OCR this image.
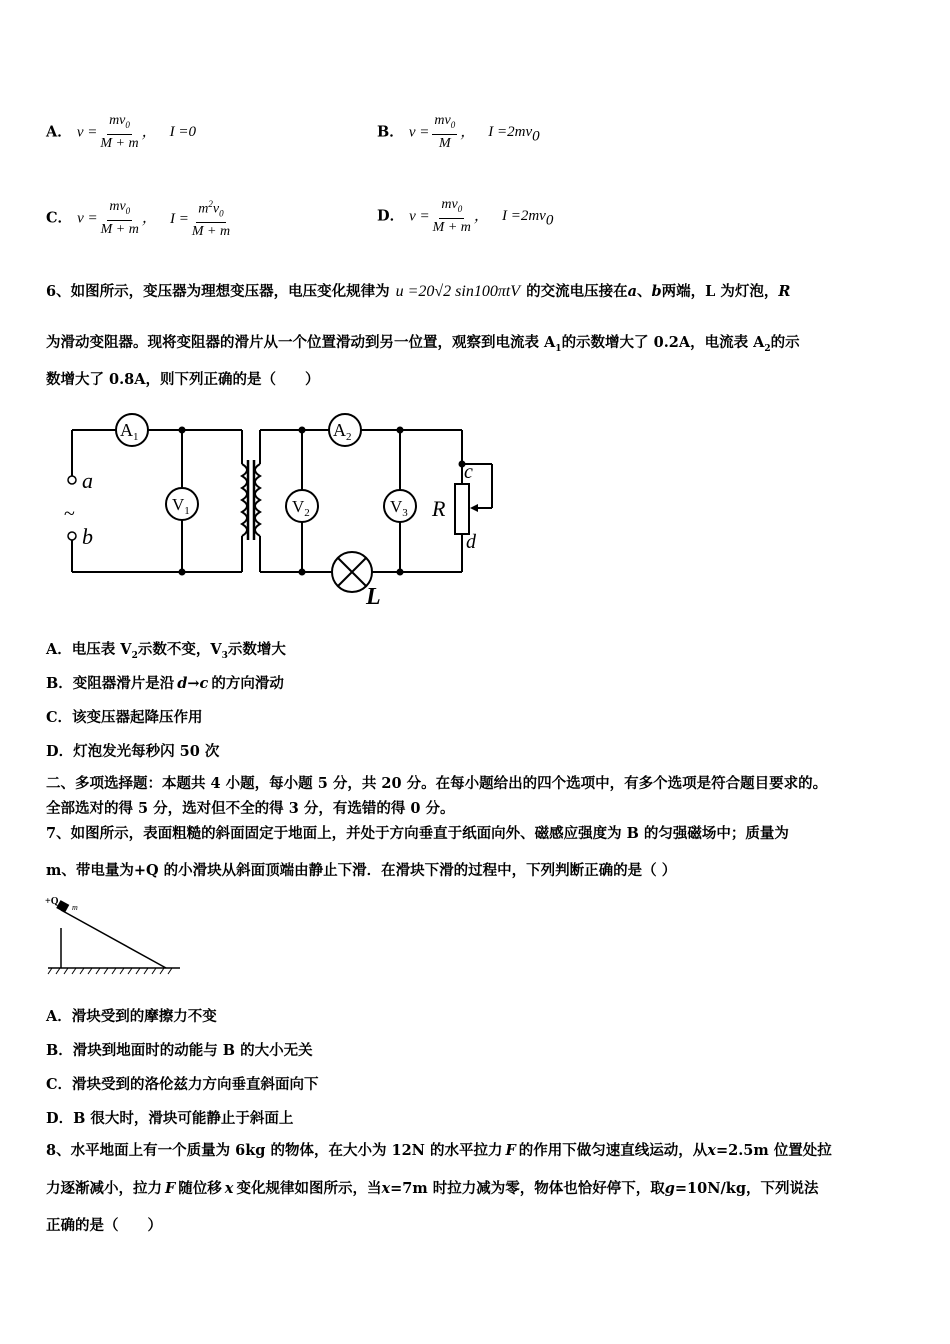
A． $v = \frac{mv_0}{M + m}$ ， I =0	B． $v = \frac{mv_0}{M}$ ， $I =2mv_0$
C． $v = \frac{mv_0}{M + m}$ ， $I = \frac{m^2v_0}{M + m}$	D． $v = \frac{mv_0}{M + m}$ ， $I =2mv_0$
6、如图所示，变压器为理想变压器，电压变化规律为 u =20√2 sin100πtV 的交流电压接在a、b两端，L 为灯泡，R
为滑动变阻器。现将变阻器的滑片从一个位置滑动到另一位置，观察到电流表 $A_1$的示数增大了 0.2A，电流表 $A_2$的示
数增大了 0.8A，则下列正确的是（　　）
$A_1$	$A_2$
$V_1$	$V_2$	$V_3$
a
~
b
R
c
d
L
A．电压表 $V_2$示数不变，$V_3$示数增大
B．变阻器滑片是沿 d→c 的方向滑动
C．该变压器起降压作用
D．灯泡发光每秒闪 50 次
二、多项选择题：本题共 4 小题，每小题 5 分，共 20 分。在每小题给出的四个选项中，有多个选项是符合题目要求的。
全部选对的得 5 分，选对但不全的得 3 分，有选错的得 0 分。
7、如图所示，表面粗糙的斜面固定于地面上，并处于方向垂直于纸面向外、磁感应强度为 B 的匀强磁场中；质量为
m、带电量为+Q 的小滑块从斜面顶端由静止下滑．在滑块下滑的过程中，下列判断正确的是（ ）
+Q
m
A．滑块受到的摩擦力不变
B．滑块到地面时的动能与 B 的大小无关
C．滑块受到的洛伦兹力方向垂直斜面向下
D．B 很大时，滑块可能静止于斜面上
8、水平地面上有一个质量为 6kg 的物体，在大小为 12N 的水平拉力 F 的作用下做匀速直线运动，从x=2.5m 位置处拉
力逐渐减小，拉力 F 随位移 x 变化规律如图所示，当x=7m 时拉力减为零，物体也恰好停下，取g=10N/kg，下列说法
正确的是（　　）
